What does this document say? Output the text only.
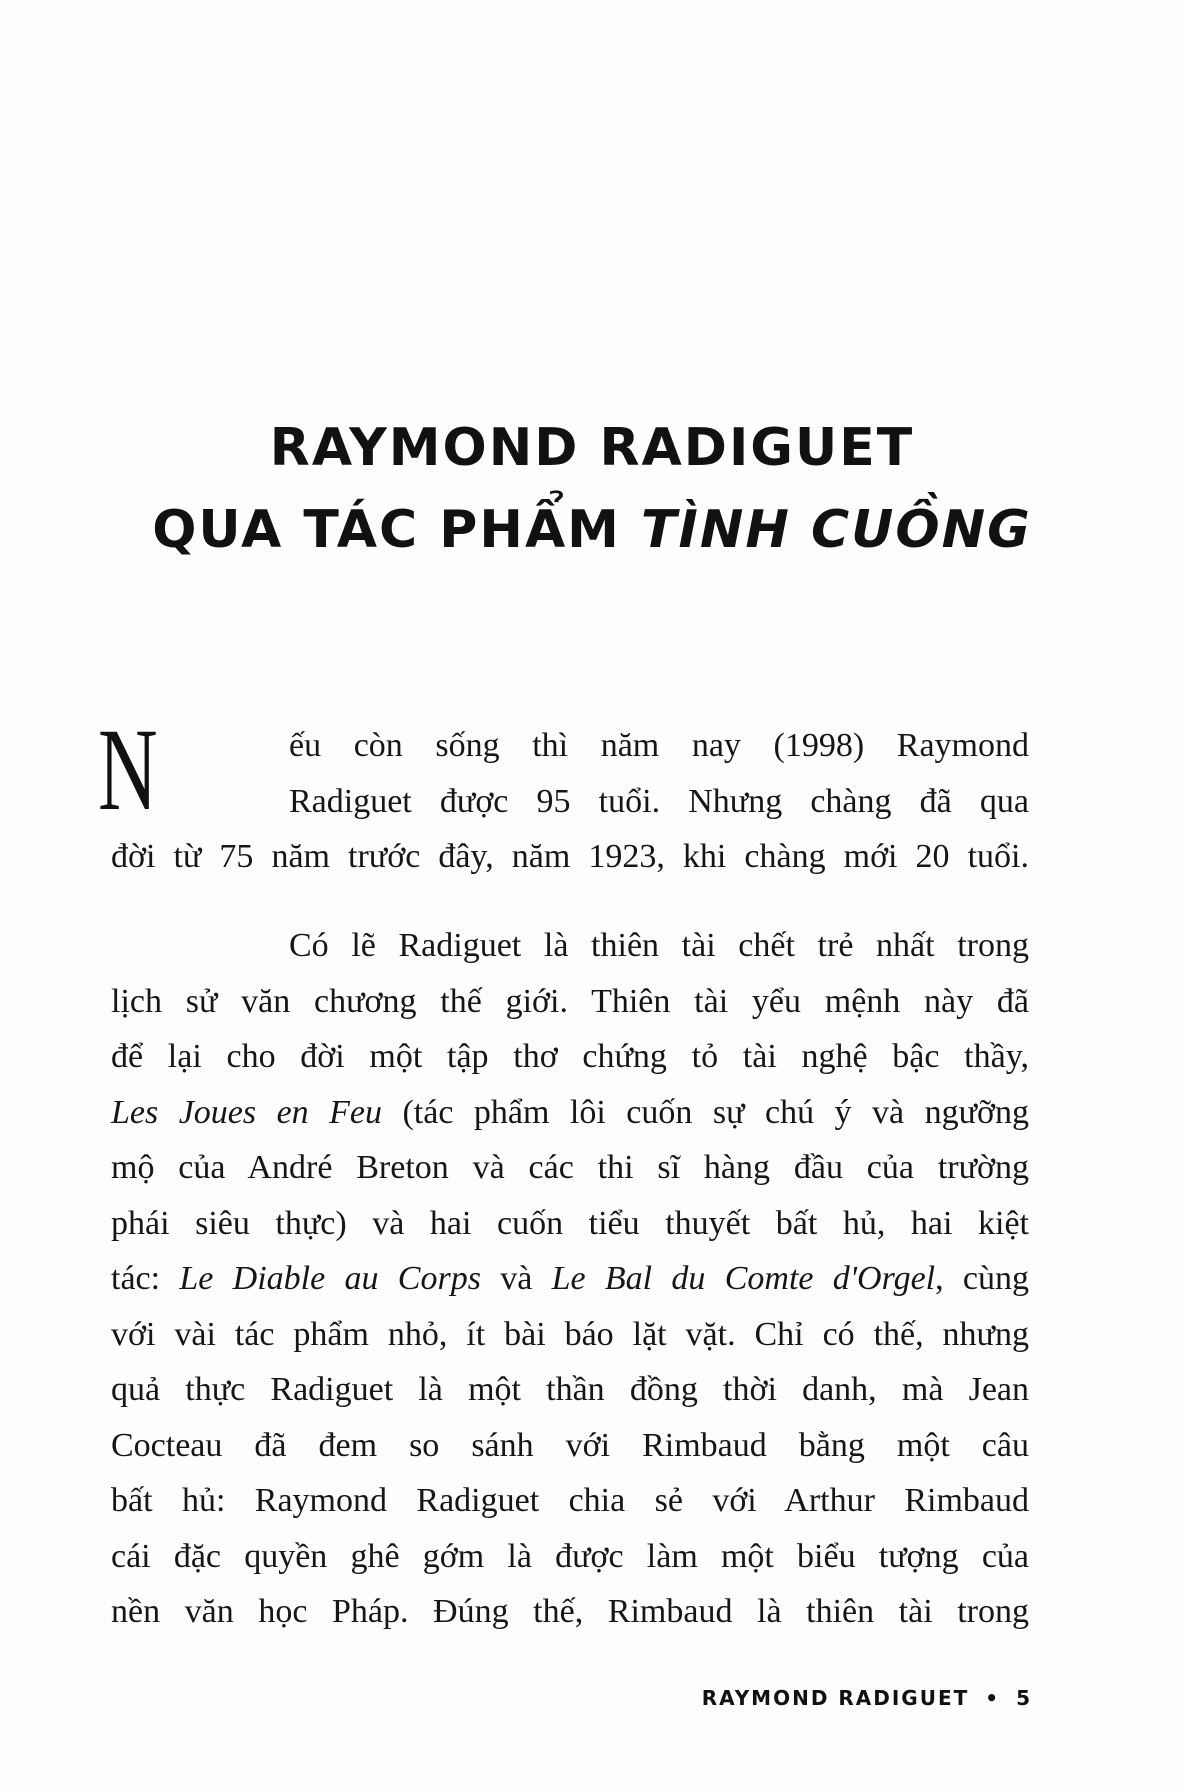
RAYMOND RADIGUET
QUA TÁC PHẨM TÌNH CUỒNG
N	ếu còn sống thì năm nay (1998) Raymond
Radiguet được 95 tuổi. Nhưng chàng đã qua
đời từ 75 năm trước đây, năm 1923, khi chàng mới 20 tuổi.
Có lẽ Radiguet là thiên tài chết trẻ nhất trong
lịch sử văn chương thế giới. Thiên tài yểu mệnh này đã
để lại cho đời một tập thơ chứng tỏ tài nghệ bậc thầy,
Les Joues en Feu (tác phẩm lôi cuốn sự chú ý và ngưỡng
mộ của André Breton và các thi sĩ hàng đầu của trường
phái siêu thực) và hai cuốn tiểu thuyết bất hủ, hai kiệt
tác: Le Diable au Corps và Le Bal du Comte d'Orgel, cùng
với vài tác phẩm nhỏ, ít bài báo lặt vặt. Chỉ có thế, nhưng
quả thực Radiguet là một thần đồng thời danh, mà Jean
Cocteau đã đem so sánh với Rimbaud bằng một câu
bất hủ: Raymond Radiguet chia sẻ với Arthur Rimbaud
cái đặc quyền ghê gớm là được làm một biểu tượng của
nền văn học Pháp. Đúng thế, Rimbaud là thiên tài trong
RAYMOND RADIGUET • 5
